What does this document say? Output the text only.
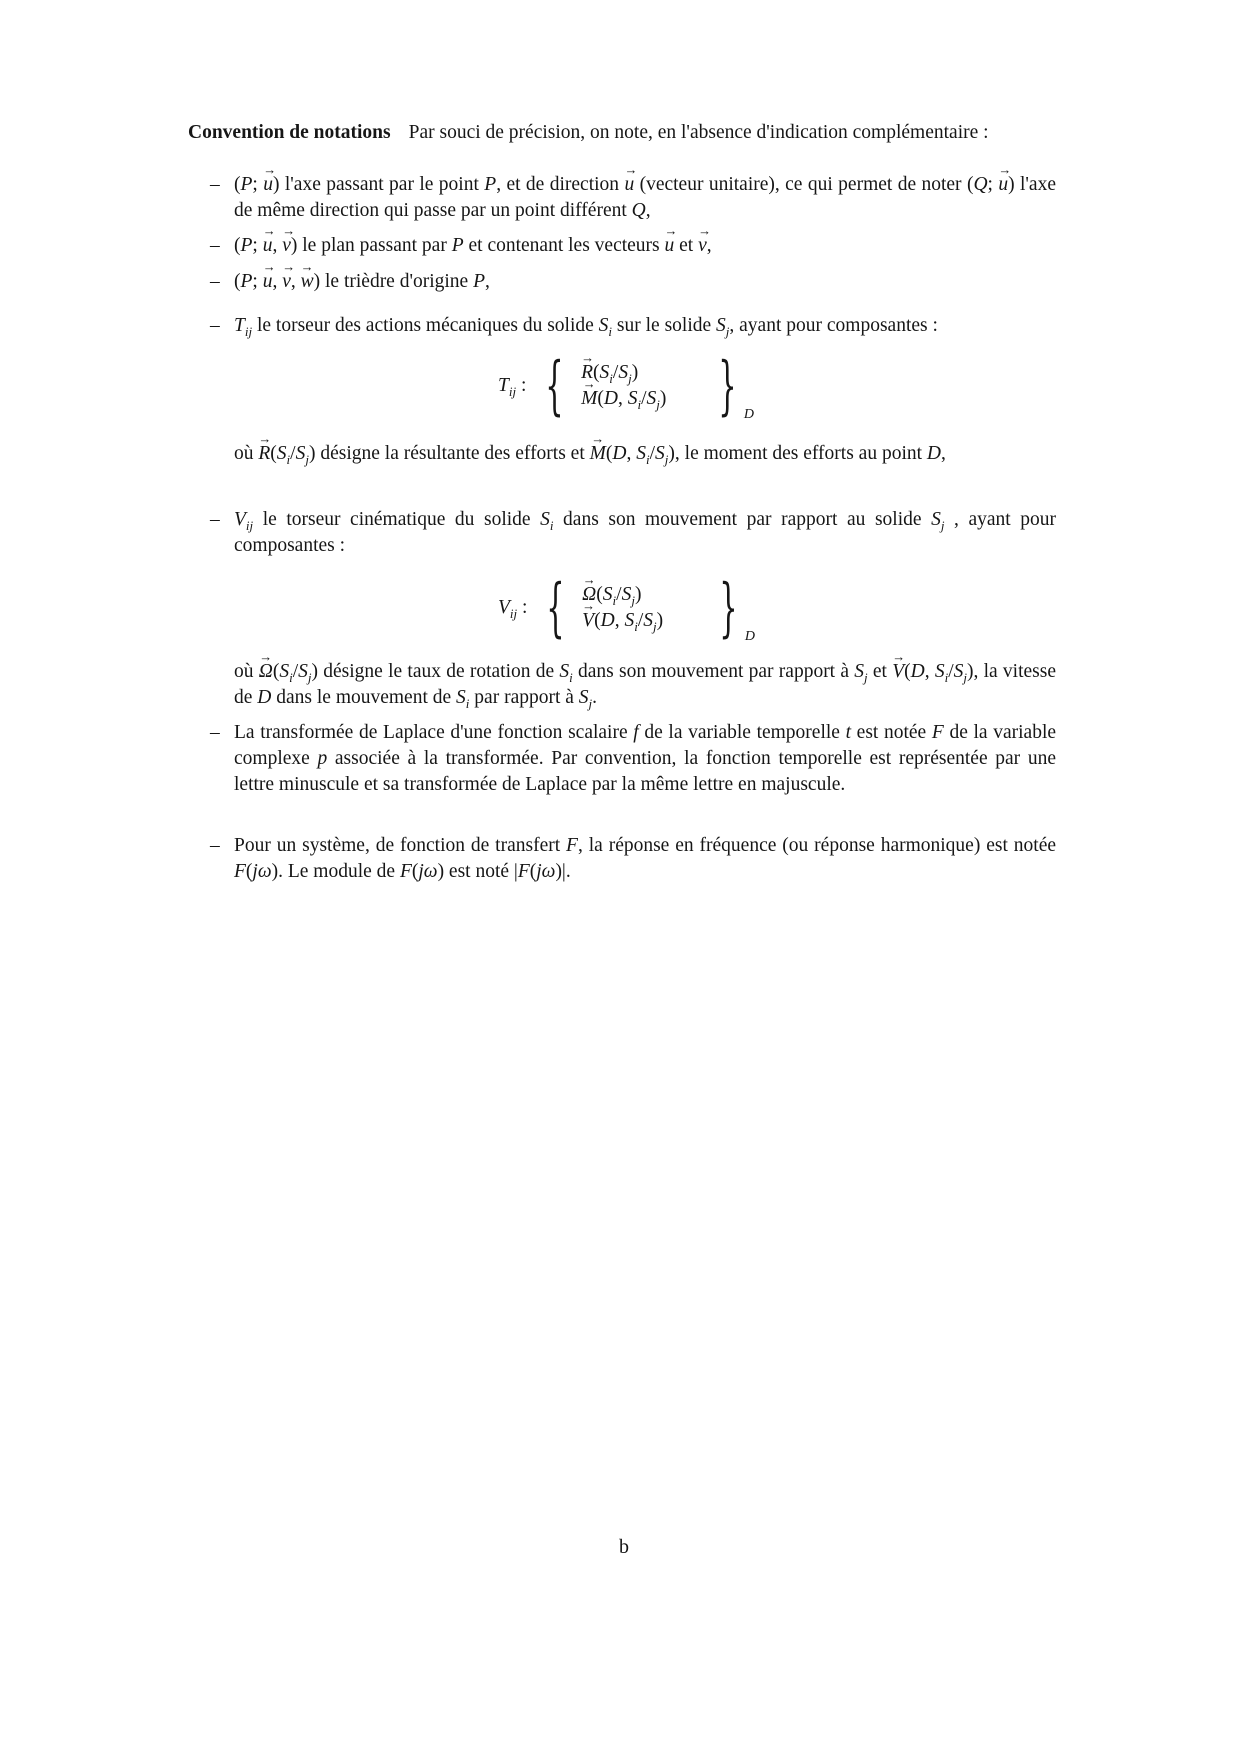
Convention de notations Par souci de précision, on note, en l'absence d'indication complémentaire :

– (P; → u) l'axe passant par le point P, et de direction → u (vecteur unitaire), ce qui permet de noter (Q; → u) l'axe de même direction qui passe par un point différent Q,
– (P; → u, → v) le plan passant par P et contenant les vecteurs → u et → v,
– (P; → u, → v, → w) le trièdre d'origine P,
– $T_{ij}$ le torseur des actions mécaniques du solide $S_i$ sur le solide $S_j$, ayant pour composantes :
$T_{ij}$ : { → $R(S_i/S_j)$
→ M(D, $S_i/S_j$) } D
où → $R(S_i/S_j)$ désigne la résultante des efforts et → M(D, $S_i/S_j$), le moment des efforts au point D,
– $V_{ij}$ le torseur cinématique du solide $S_i$ dans son mouvement par rapport au solide $S_j$ , ayant pour composantes :
$V_{ij}$ : { → $\Omega(S_i/S_j)$
→ V(D, $S_i/S_j$) } D
où → $\Omega(S_i/S_j)$ désigne le taux de rotation de $S_i$ dans son mouvement par rapport à $S_j$ et → V(D, $S_i/S_j$), la vitesse de D dans le mouvement de $S_i$ par rapport à $S_j$.
– La transformée de Laplace d'une fonction scalaire f de la variable temporelle t est notée F de la variable complexe p associée à la transformée. Par convention, la fonction temporelle est représentée par une lettre minuscule et sa transformée de Laplace par la même lettre en majuscule.
– Pour un système, de fonction de transfert F, la réponse en fréquence (ou réponse harmonique) est notée F(jω). Le module de F(jω) est noté |F(jω)|.
b
